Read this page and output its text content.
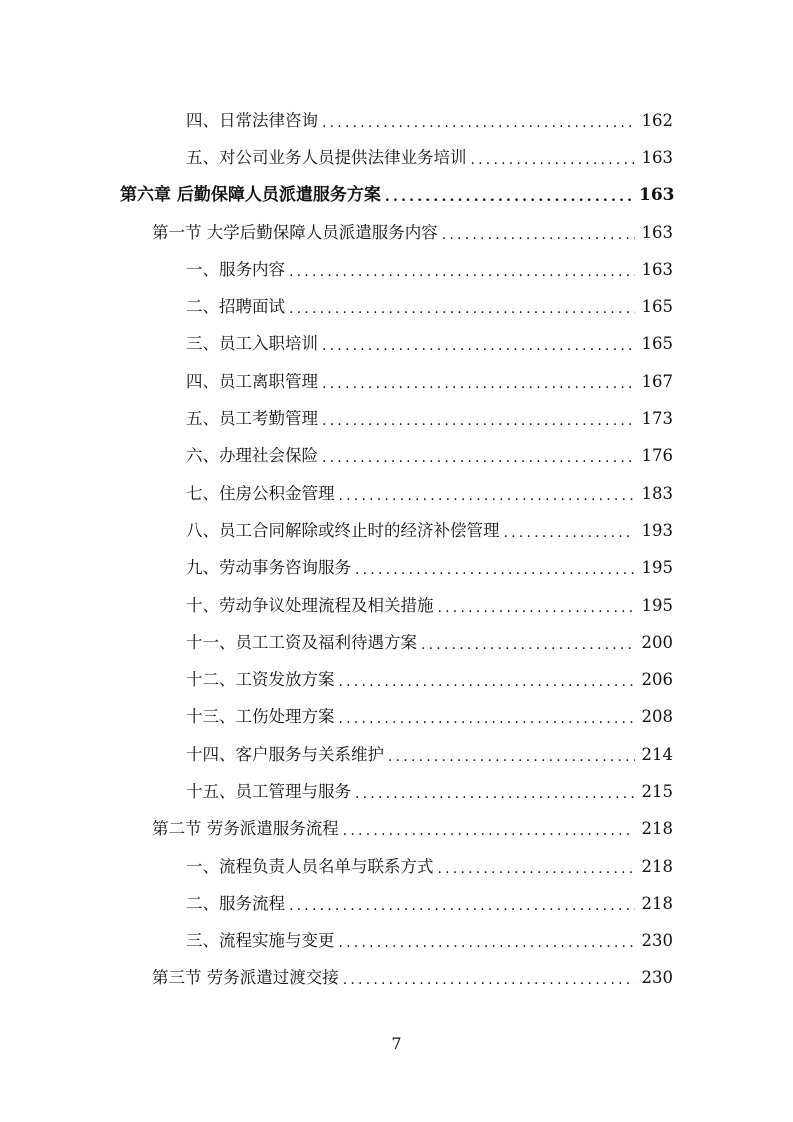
四、日常法律咨询 .....	162
五、对公司业务人员提供法律业务培训 .....	163
第六章 后勤保障人员派遣服务方案 .....	163
第一节 大学后勤保障人员派遣服务内容 .....	163
一、服务内容 .....	163
二、招聘面试 .....	165
三、员工入职培训 .....	165
四、员工离职管理 .....	167
五、员工考勤管理 .....	173
六、办理社会保险 .....	176
七、住房公积金管理 .....	183
八、员工合同解除或终止时的经济补偿管理 .....	193
九、劳动事务咨询服务 .....	195
十、劳动争议处理流程及相关措施 .....	195
十一、员工工资及福利待遇方案 .....	200
十二、工资发放方案 .....	206
十三、工伤处理方案 .....	208
十四、客户服务与关系维护 .....	214
十五、员工管理与服务 .....	215
第二节 劳务派遣服务流程 .....	218
一、流程负责人员名单与联系方式 .....	218
二、服务流程 .....	218
三、流程实施与变更 .....	230
第三节 劳务派遣过渡交接 .....	230
7
